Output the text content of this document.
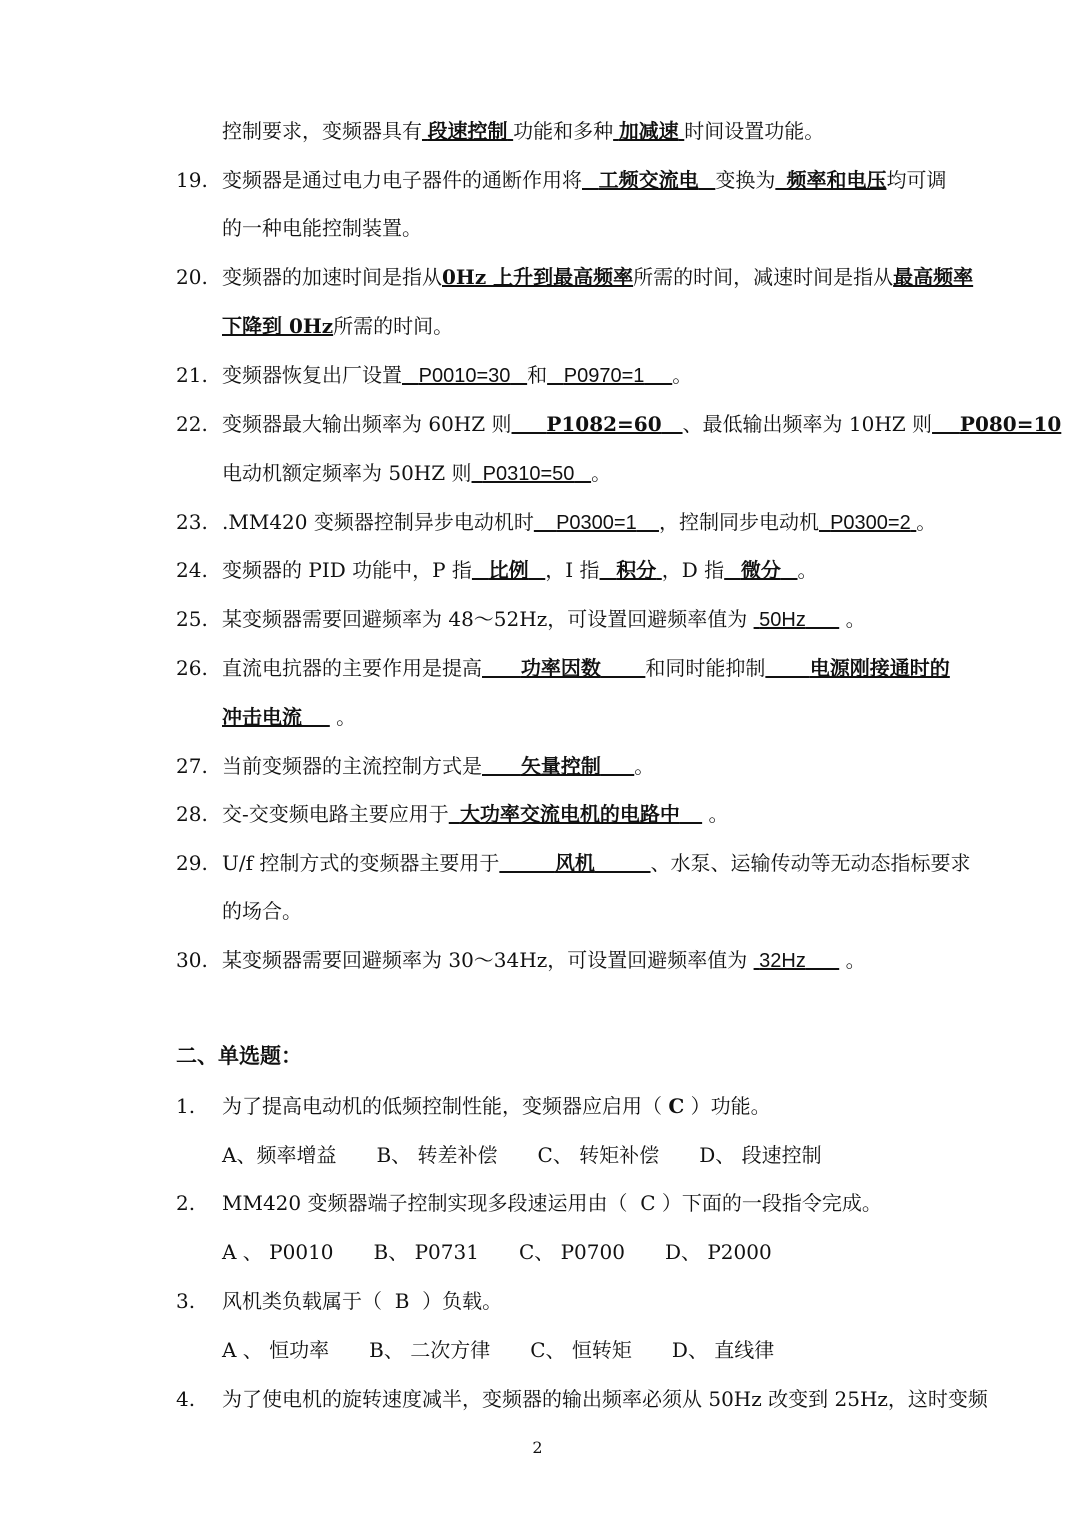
控制要求，变频器具有 段速控制 功能和多种 加减速 时间设置功能。
19. 变频器是通过电力电子器件的通断作用将 工频交流电 变换为 频率和电压均可调
的一种电能控制装置。
20. 变频器的加速时间是指从0Hz 上升到最高频率所需的时间，减速时间是指从最高频率
下降到 0Hz所需的时间。
21. 变频器恢复出厂设置 P0010=30 和 P0970=1 。
22. 变频器最大输出频率为 60HZ 则 P1082=60 、最低输出频率为 10HZ 则 P080=10
电动机额定频率为 50HZ 则 P0310=50 。
23. .MM420 变频器控制异步电动机时 P0300=1 ，控制同步电动机 P0300=2 。
24. 变频器的 PID 功能中，P 指 比例 ，I 指 积分 ，D 指 微分 。
25. 某变频器需要回避频率为 48～52Hz，可设置回避频率值为 50Hz 。
26. 直流电抗器的主要作用是提高 功率因数 和同时能抑制 电源刚接通时的
冲击电流 。
27. 当前变频器的主流控制方式是 矢量控制 。
28. 交-交变频电路主要应用于 大功率交流电机的电路中 。
29. U/f 控制方式的变频器主要用于	风机	、水泵、运输传动等无动态指标要求
的场合。
30. 某变频器需要回避频率为 30～34Hz，可设置回避频率值为 32Hz 。
二、单选题：
1. 为了提高电动机的低频控制性能，变频器应启用（ C ）功能。
A、频率增益 B、 转差补偿 C、 转矩补偿 D、 段速控制
2. MM420 变频器端子控制实现多段速运用由（ C ）下面的一段指令完成。
A 、 P0010 B、 P0731 C、 P0700 D、 P2000
3. 风机类负载属于（ B ）负载。
A 、 恒功率 B、 二次方律 C、 恒转矩 D、 直线律
4. 为了使电机的旋转速度减半，变频器的输出频率必须从 50Hz 改变到 25Hz，这时变频
2
